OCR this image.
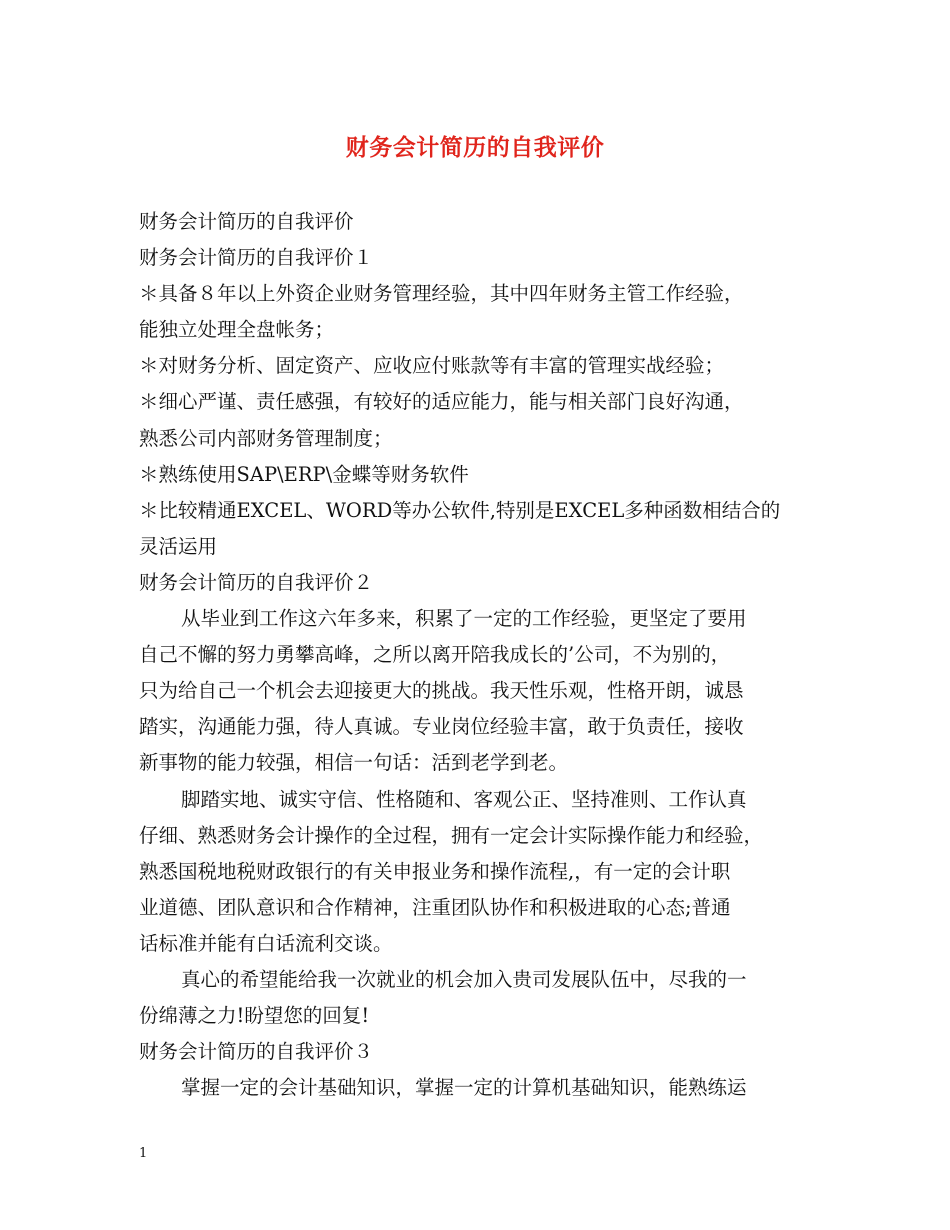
财务会计简历的自我评价
财务会计简历的自我评价
财务会计简历的自我评价１
＊具备８年以上外资企业财务管理经验，其中四年财务主管工作经验，
能独立处理全盘帐务；
＊对财务分析、固定资产、应收应付账款等有丰富的管理实战经验；
＊细心严谨、责任感强，有较好的适应能力，能与相关部门良好沟通，
熟悉公司内部财务管理制度；
＊熟练使用SAP\ERP\金蝶等财务软件
＊比较精通EXCEL、WORD等办公软件,特别是EXCEL多种函数相结合的
灵活运用
财务会计简历的自我评价２
从毕业到工作这六年多来，积累了一定的工作经验，更坚定了要用
自己不懈的努力勇攀高峰，之所以离开陪我成长的’公司，不为别的，
只为给自己一个机会去迎接更大的挑战。我天性乐观，性格开朗，诚恳
踏实，沟通能力强，待人真诚。专业岗位经验丰富，敢于负责任，接收
新事物的能力较强，相信一句话：活到老学到老。
脚踏实地、诚实守信、性格随和、客观公正、坚持准则、工作认真
仔细、熟悉财务会计操作的全过程，拥有一定会计实际操作能力和经验，
熟悉国税地税财政银行的有关申报业务和操作流程,，有一定的会计职
业道德、团队意识和合作精神，注重团队协作和积极进取的心态;普通
话标准并能有白话流利交谈。
真心的希望能给我一次就业的机会加入贵司发展队伍中，尽我的一
份绵薄之力!盼望您的回复!
财务会计简历的自我评价３
掌握一定的会计基础知识，掌握一定的计算机基础知识，能熟练运
1
